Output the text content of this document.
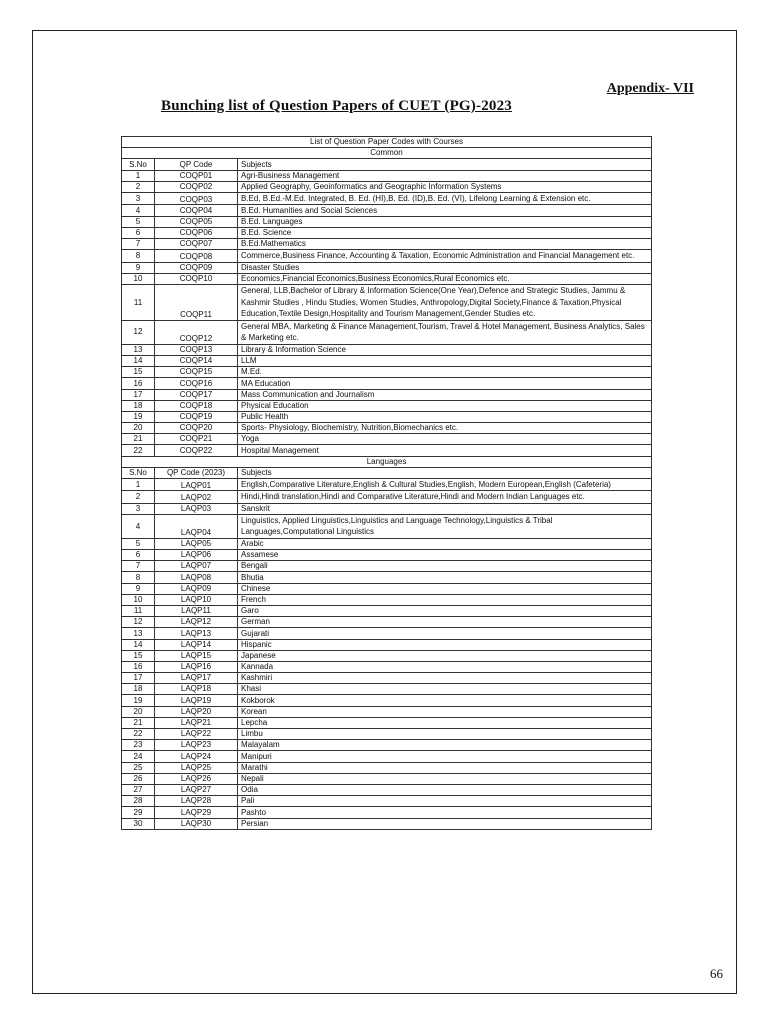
Appendix- VII
Bunching list of Question Papers of CUET (PG)-2023
List of Question Paper Codes with Courses		
Common		
S.No	QP Code	Subjects
1	COQP01	Agri-Business Management
2	COQP02	Applied Geography, Geoinformatics and Geographic Information Systems
3	COQP03	B.Ed, B.Ed.-M.Ed. Integrated, B. Ed. (HI),B. Ed. (ID),B. Ed. (VI), Lifelong Learning & Extension etc.
4	COQP04	B.Ed. Humanities and Social Sciences
5	COQP05	B.Ed. Languages
6	COQP06	B.Ed. Science
7	COQP07	B.Ed.Mathematics
8	COQP08	Commerce,Business Finance, Accounting & Taxation, Economic Administration and Financial Management etc.
9	COQP09	Disaster Studies
10	COQP10	Economics,Financial Economics,Business Economics,Rural Economics etc.
11	COQP11	General, LLB,Bachelor of Library & Information Science(One Year),Defence and Strategic Studies, Jammu & Kashmir Studies , Hindu Studies, Women Studies, Anthropology,Digital Society,Finance & Taxation,Physical Education,Textile Design,Hospitality and Tourism Management,Gender Studies etc.
12	COQP12	General MBA, Marketing & Finance Management,Tourism, Travel & Hotel Management, Business Analytics, Sales & Marketing etc.
13	COQP13	Library & Information Science
14	COQP14	LLM
15	COQP15	M.Ed.
16	COQP16	MA Education
17	COQP17	Mass Communication and Journalism
18	COQP18	Physical Education
19	COQP19	Public Health
20	COQP20	Sports- Physiology, Biochemistry, Nutrition,Biomechanics etc.
21	COQP21	Yoga
22	COQP22	Hospital Management
Languages		
S.No	QP Code (2023)	Subjects
1	LAQP01	English,Comparative Literature,English & Cultural Studies,English, Modern European,English (Cafeteria)
2	LAQP02	Hindi,Hindi translation,Hindi and Comparative Literature,Hindi and Modern Indian Languages etc.
3	LAQP03	Sanskrit
4	LAQP04	Linguistics, Applied Linguistics,Linguistics and Language Technology,Linguistics & Tribal Languages,Computational Linguistics
5	LAQP05	Arabic
6	LAQP06	Assamese
7	LAQP07	Bengali
8	LAQP08	Bhutia
9	LAQP09	Chinese
10	LAQP10	French
11	LAQP11	Garo
12	LAQP12	German
13	LAQP13	Gujarati
14	LAQP14	Hispanic
15	LAQP15	Japanese
16	LAQP16	Kannada
17	LAQP17	Kashmiri
18	LAQP18	Khasi
19	LAQP19	Kokborok
20	LAQP20	Korean
21	LAQP21	Lepcha
22	LAQP22	Limbu
23	LAQP23	Malayalam
24	LAQP24	Manipuri
25	LAQP25	Marathi
26	LAQP26	Nepali
27	LAQP27	Odia
28	LAQP28	Pali
29	LAQP29	Pashto
30	LAQP30	Persian
66
